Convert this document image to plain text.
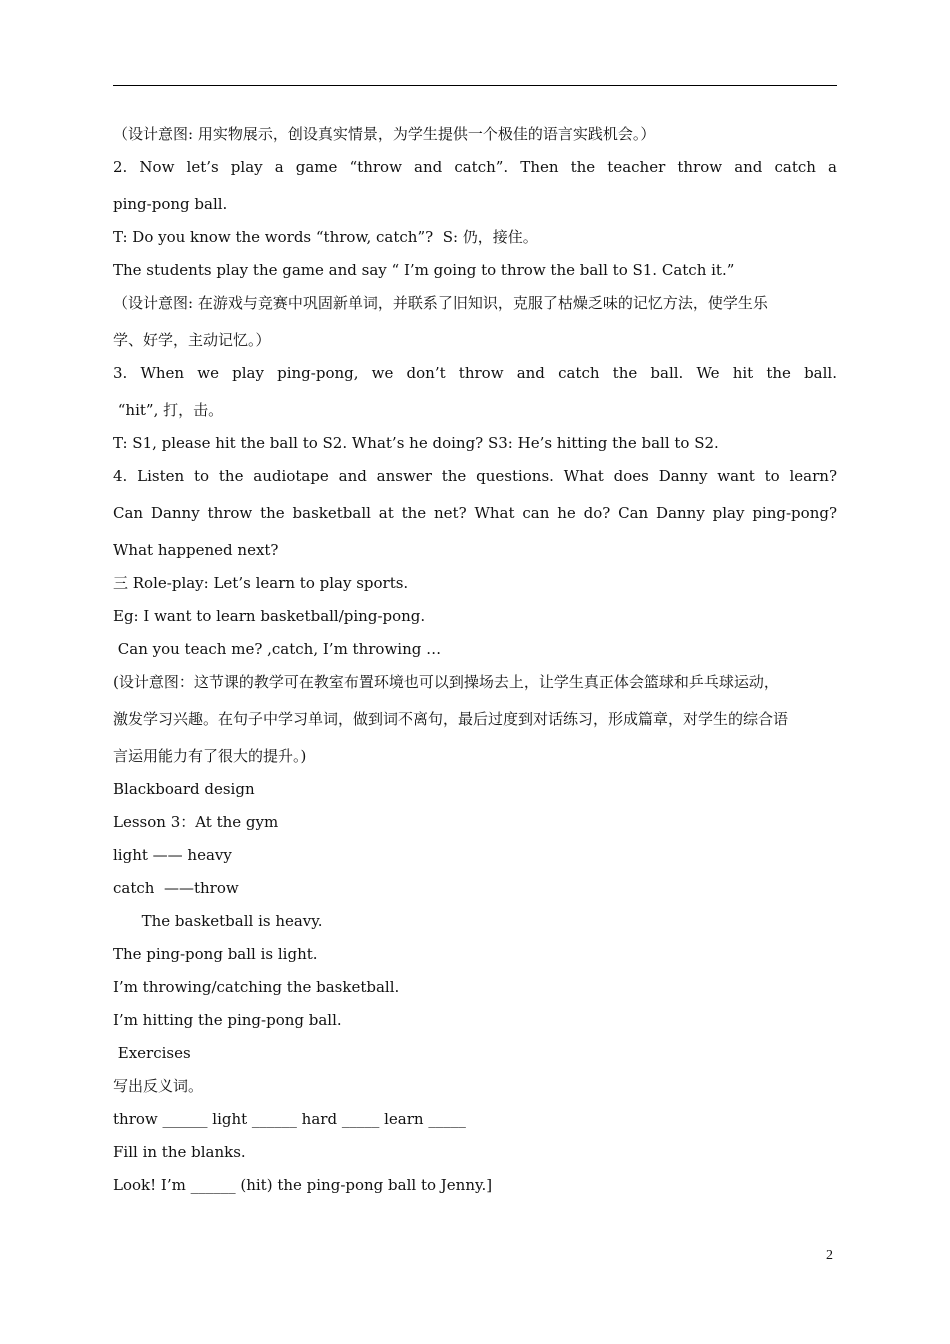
（设计意图: 用实物展示，创设真实情景，为学生提供一个极佳的语言实践机会。）
2. Now let’s play a game “throw and catch”. Then the teacher throw and catch a
ping-pong ball.
T: Do you know the words “throw, catch”?  S: 仍，接住。
The students play the game and say “ I’m going to throw the ball to S1. Catch it.”
（设计意图: 在游戏与竞赛中巩固新单词，并联系了旧知识，克服了枯燥乏味的记忆方法，使学生乐
学、好学，主动记忆。）
3. When we play ping-pong, we don’t throw and catch the ball. We hit the ball.
“hit”, 打，击。
T: S1, please hit the ball to S2. What’s he doing? S3: He’s hitting the ball to S2.
4. Listen to the audiotape and answer the questions. What does Danny want to learn?
Can Danny throw the basketball at the net? What can he do? Can Danny play ping-pong?
What happened next?
三 Role-play: Let’s learn to play sports.
Eg: I want to learn basketball/ping-pong.
Can you teach me? ,catch, I’m throwing …
(设计意图：这节课的教学可在教室布置环境也可以到操场去上，让学生真正体会篮球和乒乓球运动，
激发学习兴趣。在句子中学习单词，做到词不离句，最后过度到对话练习，形成篇章，对学生的综合语
言运用能力有了很大的提升。)
Blackboard design
Lesson 3：At the gym
light —— heavy
catch  ——throw
The basketball is heavy.
The ping-pong ball is light.
I’m throwing/catching the basketball.
I’m hitting the ping-pong ball.
Exercises
写出反义词。
throw ______ light ______ hard _____ learn _____
Fill in the blanks.
Look! I’m ______ (hit) the ping-pong ball to Jenny.]
2
